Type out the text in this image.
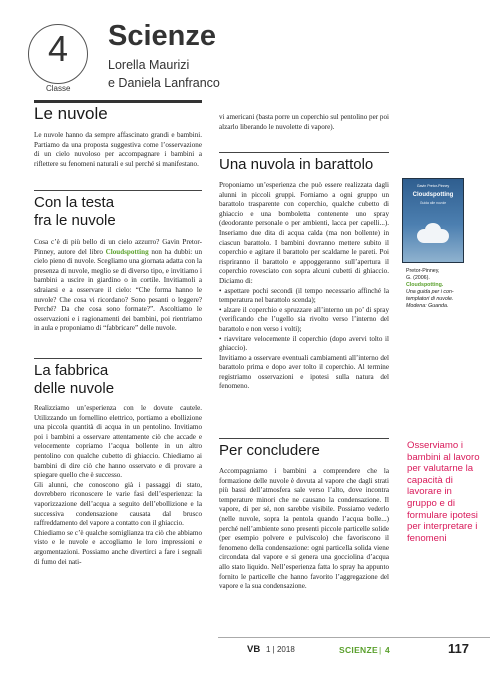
4
Classe
Scienze
Lorella Maurizi
e Daniela Lanfranco
Le nuvole

Le nuvole hanno da sempre affascinato grandi e bambini. Partiamo da una proposta suggestiva come l’osservazione di un cielo nuvoloso per accompagnare i bambini a riflettere su fenomeni naturali e sul perché si manifestano.

Con la testa
fra le nuvole

Cosa c’è di più bello di un cielo azzurro? Gavin Pretor-Pinney, autore del libro Cloudspotting non ha dubbi: un cielo pieno di nuvole. Scegliamo una giornata adatta con la presenza di nuvole, meglio se di diverso tipo, e invitiamo i bambini a uscire in giardino o in cortile. Invitiamoli a sdraiarsi e a osservare il cielo: “Che forma hanno le nuvole? Che cosa vi ricordano? Sono pesanti o leggere? Perché? Da che cosa sono formate?”. Ascoltiamo le osservazioni e i ragionamenti dei bambini, poi rientriamo in aula e proponiamo di “fabbricare” delle nuvole.

La fabbrica
delle nuvole

Realizziamo un’esperienza con le dovute cautele. Utilizzando un fornellino elettrico, portiamo a ebollizione una piccola quantità di acqua in un pentolino. Invitiamo poi i bambini a osservare attentamente ciò che accade e velocemente copriamo l’acqua bollente in un altro pentolino con qualche cubetto di ghiaccio. Chiediamo ai bambini di dire ciò che hanno osservato e di provare a spiegare quello che è successo.

Gli alunni, che conoscono già i passaggi di stato, dovrebbero riconoscere le varie fasi dell’esperienza: la vaporizzazione dell’acqua a seguito dell’ebollizione e la successiva condensazione causata dal brusco raffreddamento del vapore a contatto con il ghiaccio.

Chiediamo se c’è qualche somiglianza tra ciò che abbiamo visto e le nuvole e accogliamo le loro impressioni e argomentazioni. Possiamo anche divertirci a fare i segnali di fumo dei nati-

vi americani (basta porre un coperchio sul pentolino per poi alzarlo liberando le nuvolette di vapore).

Una nuvola in barattolo

Proponiamo un’esperienza che può essere realizzata dagli alunni in piccoli gruppi. Forniamo a ogni gruppo un barattolo trasparente con coperchio, qualche cubetto di ghiaccio e una bomboletta contenente uno spray (deodorante personale o per ambienti, lacca per capelli...). Inseriamo due dita di acqua calda (ma non bollente) in ciascun barattolo. I bambini dovranno mettere subito il coperchio e agitare il barattolo per scaldarne le pareti. Poi rispriranno il barattolo e appoggeranno sull’apertura il coperchio rovesciato con sopra alcuni cubetti di ghiaccio. Diciamo di:

• aspettare pochi secondi (il tempo necessario affinché la temperatura nel barattolo scenda);

• alzare il coperchio e spruzzare all’interno un po’ di spray (verificando che l’ugello sia rivolto verso l’interno del barattolo e non verso i volti);

• riavvitare velocemente il coperchio (dopo avervi tolto il ghiaccio).

Invitiamo a osservare eventuali cambiamenti all’interno del barattolo prima e dopo aver tolto il coperchio. Al termine registriamo osservazioni e ipotesi sulla natura del fenomeno.

Per concludere

Accompagniamo i bambini a comprendere che la formazione delle nuvole è dovuta al vapore che dagli strati più bassi dell’atmosfera sale verso l’alto, dove incontra temperature minori che ne causano la condensazione. Il vapore, di per sé, non sarebbe visibile. Possiamo vederlo (nelle nuvole, sopra la pentola quando l’acqua bolle...) perché nell’ambiente sono presenti piccole particelle solide (per esempio polvere e pulviscolo) che favoriscono il fenomeno della condensazione: ogni particella solida viene circondata dal vapore e si genera una gocciolina d’acqua allo stato liquido. Nell’esperienza fatta lo spray ha appunto fornito le particelle che hanno favorito l’aggregazione del vapore e la sua condensazione.

Gavin Pretor-Pinney
Cloudspotting
Guida alle nuvole
Pretor-Pinney,
G. (2006).
Cloudspotting.
Una guida per i con-templatori di nuvole. Modena: Guanda.
Osserviamo i bambini al lavoro per valutarne la capacità di lavorare in gruppo e di formulare ipotesi per interpretare i fenomeni
VB 1 | 2018	SCIENZE | 4	117
